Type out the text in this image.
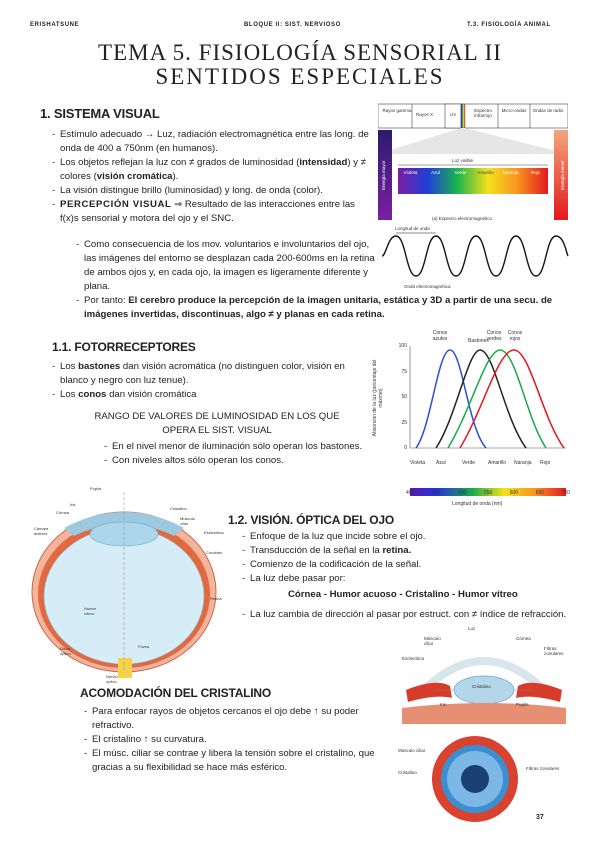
ERISHATSUNE	BLOQUE II: SIST. NERVIOSO	T.3. FISIOLOGÍA ANIMAL
TEMA 5. FISIOLOGÍA SENSORIAL II
SENTIDOS ESPECIALES
1. SISTEMA VISUAL
- Estímulo adecuado → Luz, radiación electromagnética entre las long. de onda de 400 a 750nm (en humanos).
- Los objetos reflejan la luz con ≠ grados de luminosidad (intensidad) y ≠ colores (visión cromática).
- La visión distingue brillo (luminosidad) y long. de onda (color).
- PERCEPCIÓN VISUAL ⇒ Resultado de las interacciones entre las f(x)s sensorial y motora del ojo y el SNC.
- Como consecuencia de los mov. voluntarios e involuntarios del ojo, las imágenes del entorno se desplazan cada 200-600ms en la retina de ambos ojos y, en cada ojo, la imagen es ligeramente diferente y plana.
- Por tanto: El cerebro produce la percepción de la imagen unitaria, estática y 3D a partir de una secu. de imágenes invertidas, discontinuas, algo ≠ y planas en cada retina.
Rayos gamma
Rayos X	UV
Espectro infrarrojo
Micro-ondas	Ondas de radio
Luz visible
Energía mayor	Energía menor
Violeta	Azul	Verde	Amarillo	Naranja	Rojo
(a) Espectro electromagnético
Longitud de onda
Onda electromagnética
1.1. FOTORRECEPTORES
- Los bastones dan visión acromática (no distinguen color, visión en blanco y negro con luz tenue).
- Los conos dan visión cromática
RANGO DE VALORES DE LUMINOSIDAD EN LOS QUE OPERA EL SIST. VISUAL
- En el nivel menor de iluminación sólo operan los bastones.
- Con niveles altos sólo operan los conos.
Conos azules	Bastones
Conos verdes
Conos rojos
100
75
50
25
0
Absorción de la luz (porcentaje del máximo)
Violeta	Azul	Verde	Amarillo	Naranja	Rojo
400	450	500	550	600	650	700
Longitud de onda (nm)
Iris
Pupila
Córnea
Cámara anterior
Cristalino
Músculo ciliar
Esclerótica
Coroides
Retina
Humor vítreo
Fóvea
Nervio óptico
Disco óptico
1.2. VISIÓN. ÓPTICA DEL OJO
- Enfoque de la luz que incide sobre el ojo.
- Transducción de la señal en la retina.
- Comienzo de la codificación de la señal.
- La luz debe pasar por:
Córnea - Humor acuoso - Cristalino - Humor vítreo
- La luz cambia de dirección al pasar por estruct. con ≠ índice de refracción.
Luz
Esclerótica
Músculo ciliar
Cristalino
Fibras zonulares
Córnea
Iris	Pupila
ACOMODACIÓN DEL CRISTALINO
- Para enfocar rayos de objetos cercanos el ojo debe ↑ su poder refractivo.
- El cristalino ↑ su curvatura.
- El músc. ciliar se contrae y libera la tensión sobre el cristalino, que gracias a su flexibilidad se hace más esférico.
Músculo ciliar
Cristalino
Fibras zonulares
37
